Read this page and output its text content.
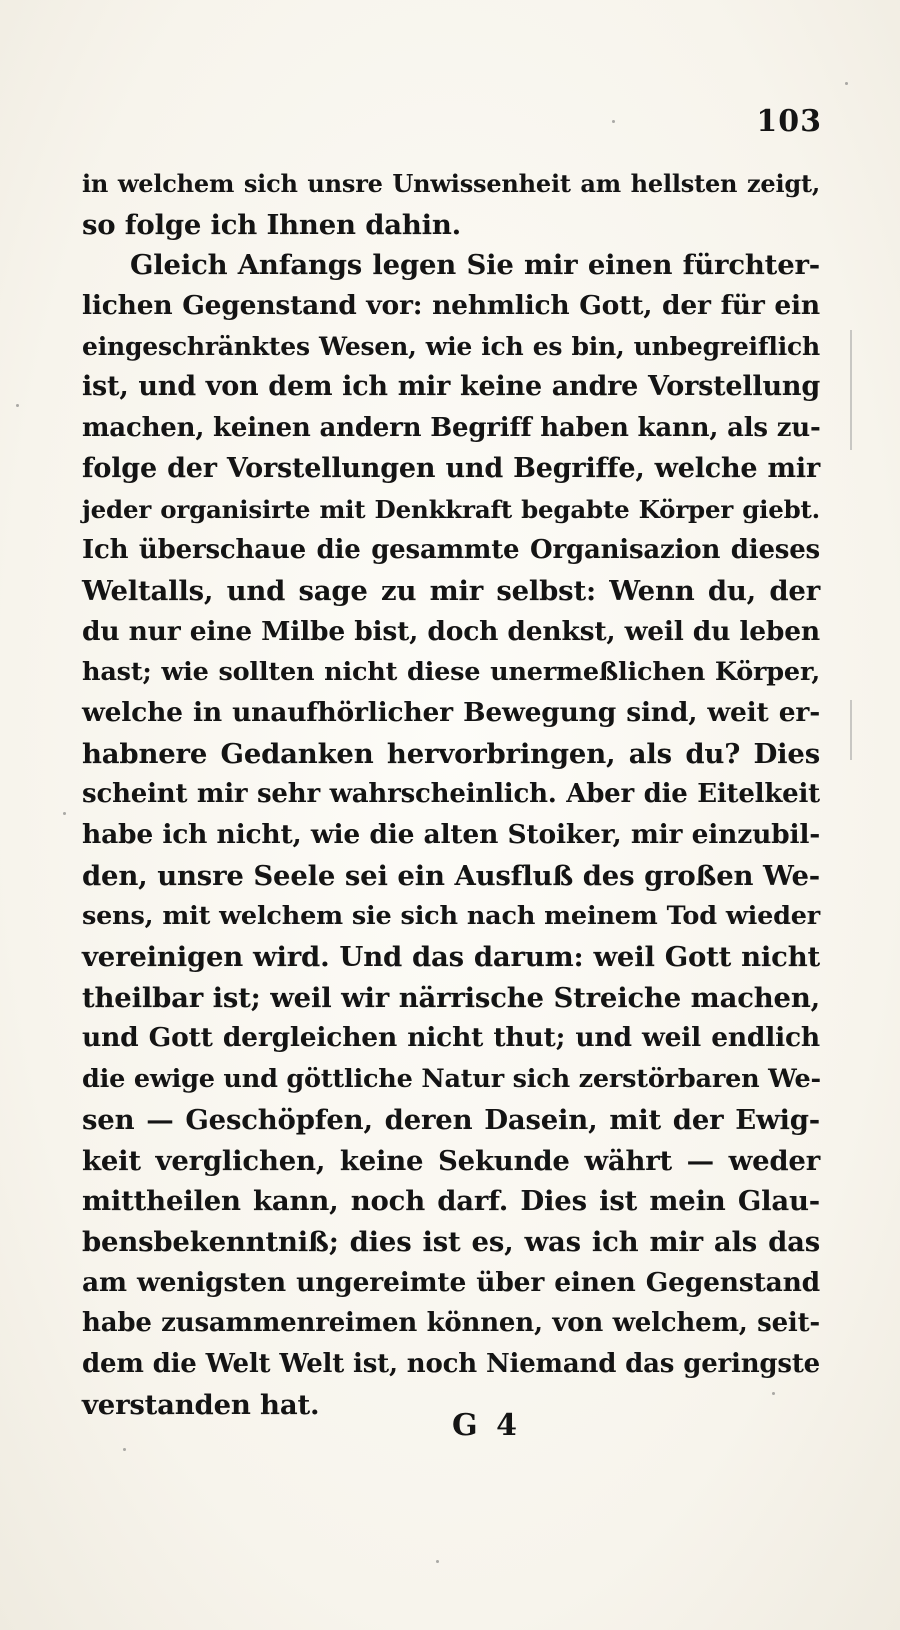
103
in welchem sich unsre Unwissenheit am hellsten zeigt,
so folge ich Ihnen dahin.
Gleich Anfangs legen Sie mir einen fürchter-
lichen Gegenstand vor: nehmlich Gott, der für ein
eingeschränktes Wesen, wie ich es bin, unbegreiflich
ist, und von dem ich mir keine andre Vorstellung
machen, keinen andern Begriff haben kann, als zu-
folge der Vorstellungen und Begriffe, welche mir
jeder organisirte mit Denkkraft begabte Körper giebt.
Ich überschaue die gesammte Organisazion dieses
Weltalls, und sage zu mir selbst: Wenn du, der
du nur eine Milbe bist, doch denkst, weil du leben
hast; wie sollten nicht diese unermeßlichen Körper,
welche in unaufhörlicher Bewegung sind, weit er-
habnere Gedanken hervorbringen, als du? Dies
scheint mir sehr wahrscheinlich. Aber die Eitelkeit
habe ich nicht, wie die alten Stoiker, mir einzubil-
den, unsre Seele sei ein Ausfluß des großen We-
sens, mit welchem sie sich nach meinem Tod wieder
vereinigen wird. Und das darum: weil Gott nicht
theilbar ist; weil wir närrische Streiche machen,
und Gott dergleichen nicht thut; und weil endlich
die ewige und göttliche Natur sich zerstörbaren We-
sen — Geschöpfen, deren Dasein, mit der Ewig-
keit verglichen, keine Sekunde währt — weder
mittheilen kann, noch darf. Dies ist mein Glau-
bensbekenntniß; dies ist es, was ich mir als das
am wenigsten ungereimte über einen Gegenstand
habe zusammenreimen können, von welchem, seit-
dem die Welt Welt ist, noch Niemand das geringste
verstanden hat.
G 4
